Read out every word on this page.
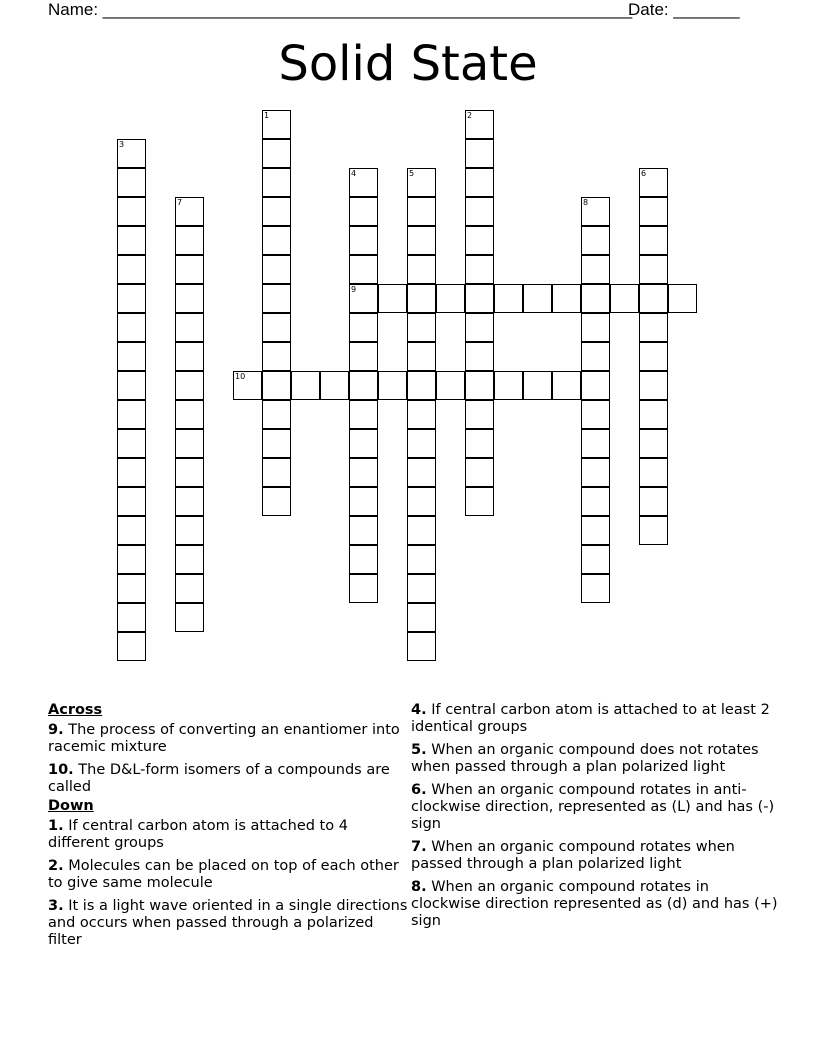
Name: ________________________________________________________
Date: _______
Solid State
1	2
3
4
9
5	6
7	8
10
Across
9. The process of converting an enantiomer into racemic mixture
10. The D&L-form isomers of a compounds are called
Down
1. If central carbon atom is attached to 4 different groups
2. Molecules can be placed on top of each other to give same molecule
3. It is a light wave oriented in a single directions and occurs when passed through a polarized filter
4. If central carbon atom is attached to at least 2 identical groups
5. When an organic compound does not rotates when passed through a plan polarized light
6. When an organic compound rotates in anti-clockwise direction, represented as (L) and has (-) sign
7. When an organic compound rotates when passed through a plan polarized light
8. When an organic compound rotates in clockwise direction represented as (d) and has (+) sign
